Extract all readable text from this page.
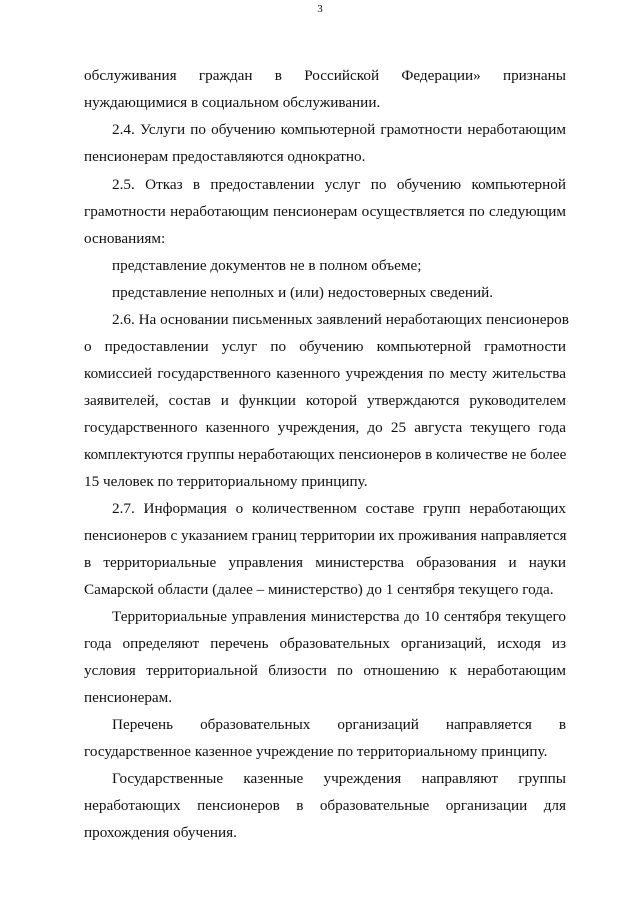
3
обслуживания граждан в Российской Федерации» признаны
нуждающимися в социальном обслуживании.
2.4. Услуги по обучению компьютерной грамотности неработающим
пенсионерам предоставляются однократно.
2.5. Отказ в предоставлении услуг по обучению компьютерной
грамотности неработающим пенсионерам осуществляется по следующим
основаниям:
представление документов не в полном объеме;
представление неполных и (или) недостоверных сведений.
2.6. На основании письменных заявлений неработающих пенсионеров
о предоставлении услуг по обучению компьютерной грамотности
комиссией государственного казенного учреждения по месту жительства
заявителей, состав и функции которой утверждаются руководителем
государственного казенного учреждения, до 25 августа текущего года
комплектуются группы неработающих пенсионеров в количестве не более
15 человек по территориальному принципу.
2.7. Информация о количественном составе групп неработающих
пенсионеров с указанием границ территории их проживания направляется
в территориальные управления министерства образования и науки
Самарской области (далее – министерство) до 1 сентября текущего года.
Территориальные управления министерства до 10 сентября текущего
года определяют перечень образовательных организаций, исходя из
условия территориальной близости по отношению к неработающим
пенсионерам.
Перечень образовательных организаций направляется в
государственное казенное учреждение по территориальному принципу.
Государственные казенные учреждения направляют группы
неработающих пенсионеров в образовательные организации для
прохождения обучения.
